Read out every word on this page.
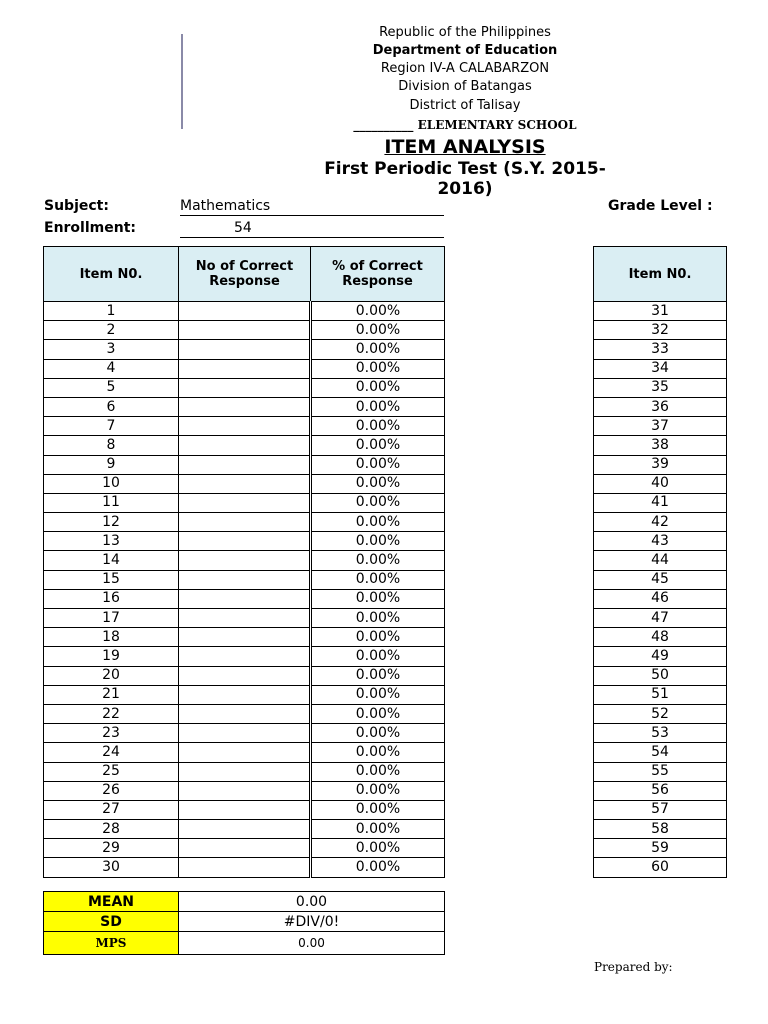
Republic of the Philippines
Department of Education
Region IV-A CALABARZON
Division of Batangas
District of Talisay
__________ ELEMENTARY SCHOOL
ITEM ANALYSIS
First Periodic Test (S.Y. 2015-2016)
Subject:	Mathematics
Enrollment:	54
Grade Level :
Item N0.	No of Correct Response	% of Correct Response
1		0.00%
2		0.00%
3		0.00%
4		0.00%
5		0.00%
6		0.00%
7		0.00%
8		0.00%
9		0.00%
10		0.00%
11		0.00%
12		0.00%
13		0.00%
14		0.00%
15		0.00%
16		0.00%
17		0.00%
18		0.00%
19		0.00%
20		0.00%
21		0.00%
22		0.00%
23		0.00%
24		0.00%
25		0.00%
26		0.00%
27		0.00%
28		0.00%
29		0.00%
30		0.00%
Item N0.
31
32
33
34
35
36
37
38
39
40
41
42
43
44
45
46
47
48
49
50
51
52
53
54
55
56
57
58
59
60
MEAN	0.00
SD	#DIV/0!
MPS	0.00
Prepared by:
